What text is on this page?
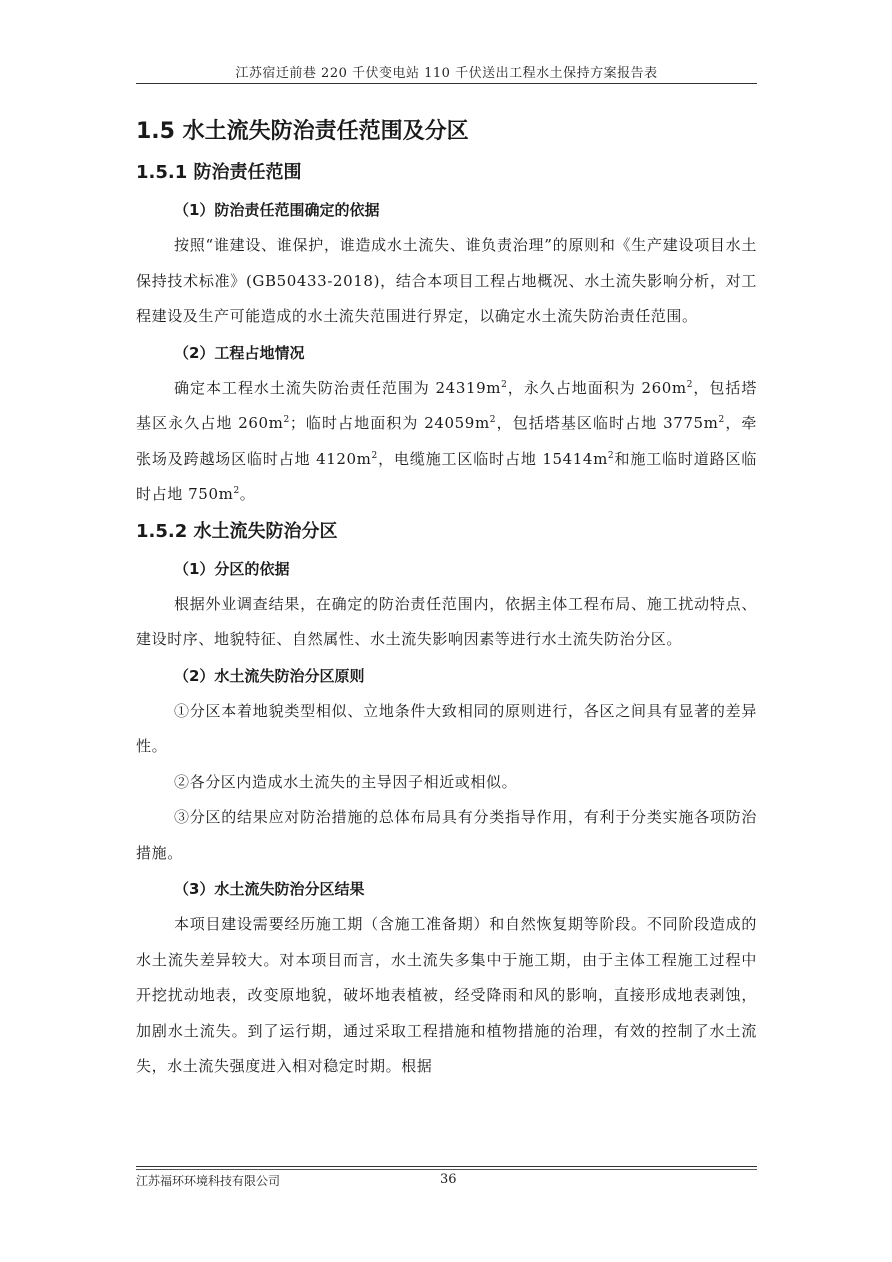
江苏宿迁前巷 220 千伏变电站 110 千伏送出工程水土保持方案报告表
1.5 水土流失防治责任范围及分区
1.5.1 防治责任范围
（1）防治责任范围确定的依据

按照“谁建设、谁保护，谁造成水土流失、谁负责治理”的原则和《生产建设项目水土保持技术标准》(GB50433-2018)，结合本项目工程占地概况、水土流失影响分析，对工程建设及生产可能造成的水土流失范围进行界定，以确定水土流失防治责任范围。

（2）工程占地情况

确定本工程水土流失防治责任范围为 $24319m^2$，永久占地面积为 $260m^2$，包括塔基区永久占地 $260m^2$；临时占地面积为 $24059m^2$，包括塔基区临时占地 $3775m^2$，牵张场及跨越场区临时占地 $4120m^2$，电缆施工区临时占地 $15414m^2$和施工临时道路区临时占地 $750m^2$。

1.5.2 水土流失防治分区
（1）分区的依据

根据外业调查结果，在确定的防治责任范围内，依据主体工程布局、施工扰动特点、建设时序、地貌特征、自然属性、水土流失影响因素等进行水土流失防治分区。

（2）水土流失防治分区原则

①分区本着地貌类型相似、立地条件大致相同的原则进行，各区之间具有显著的差异性。

②各分区内造成水土流失的主导因子相近或相似。

③分区的结果应对防治措施的总体布局具有分类指导作用，有利于分类实施各项防治措施。

（3）水土流失防治分区结果

本项目建设需要经历施工期（含施工准备期）和自然恢复期等阶段。不同阶段造成的水土流失差异较大。对本项目而言，水土流失多集中于施工期，由于主体工程施工过程中开挖扰动地表，改变原地貌，破坏地表植被，经受降雨和风的影响，直接形成地表剥蚀，加剧水土流失。到了运行期，通过采取工程措施和植物措施的治理，有效的控制了水土流失，水土流失强度进入相对稳定时期。根据

江苏福环环境科技有限公司	36
